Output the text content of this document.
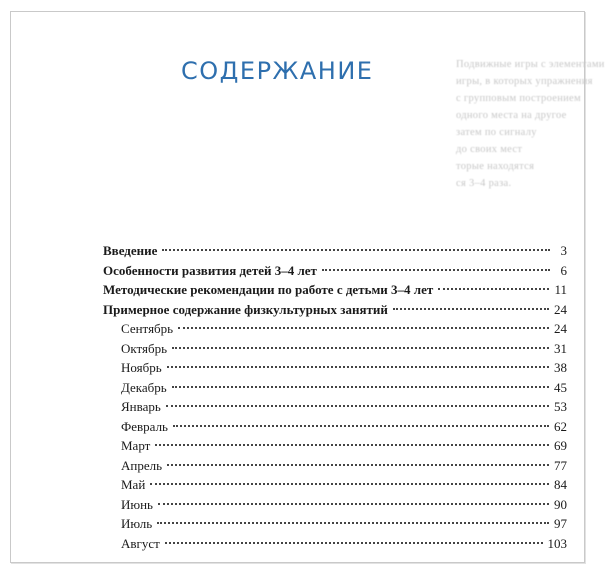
Подвижные игры с элементами
игры, в которых упражнения
с групповым построением
одного места на другое
затем по сигналу
до своих мест
торые находятся
ся 3–4 раза.
СОДЕРЖАНИЕ
Введение	3
Особенности развития детей 3–4 лет	6
Методические рекомендации по работе с детьми 3–4 лет	11
Примерное содержание физкультурных занятий	24
Сентябрь	24
Октябрь	31
Ноябрь	38
Декабрь	45
Январь	53
Февраль	62
Март	69
Апрель	77
Май	84
Июнь	90
Июль	97
Август	103
